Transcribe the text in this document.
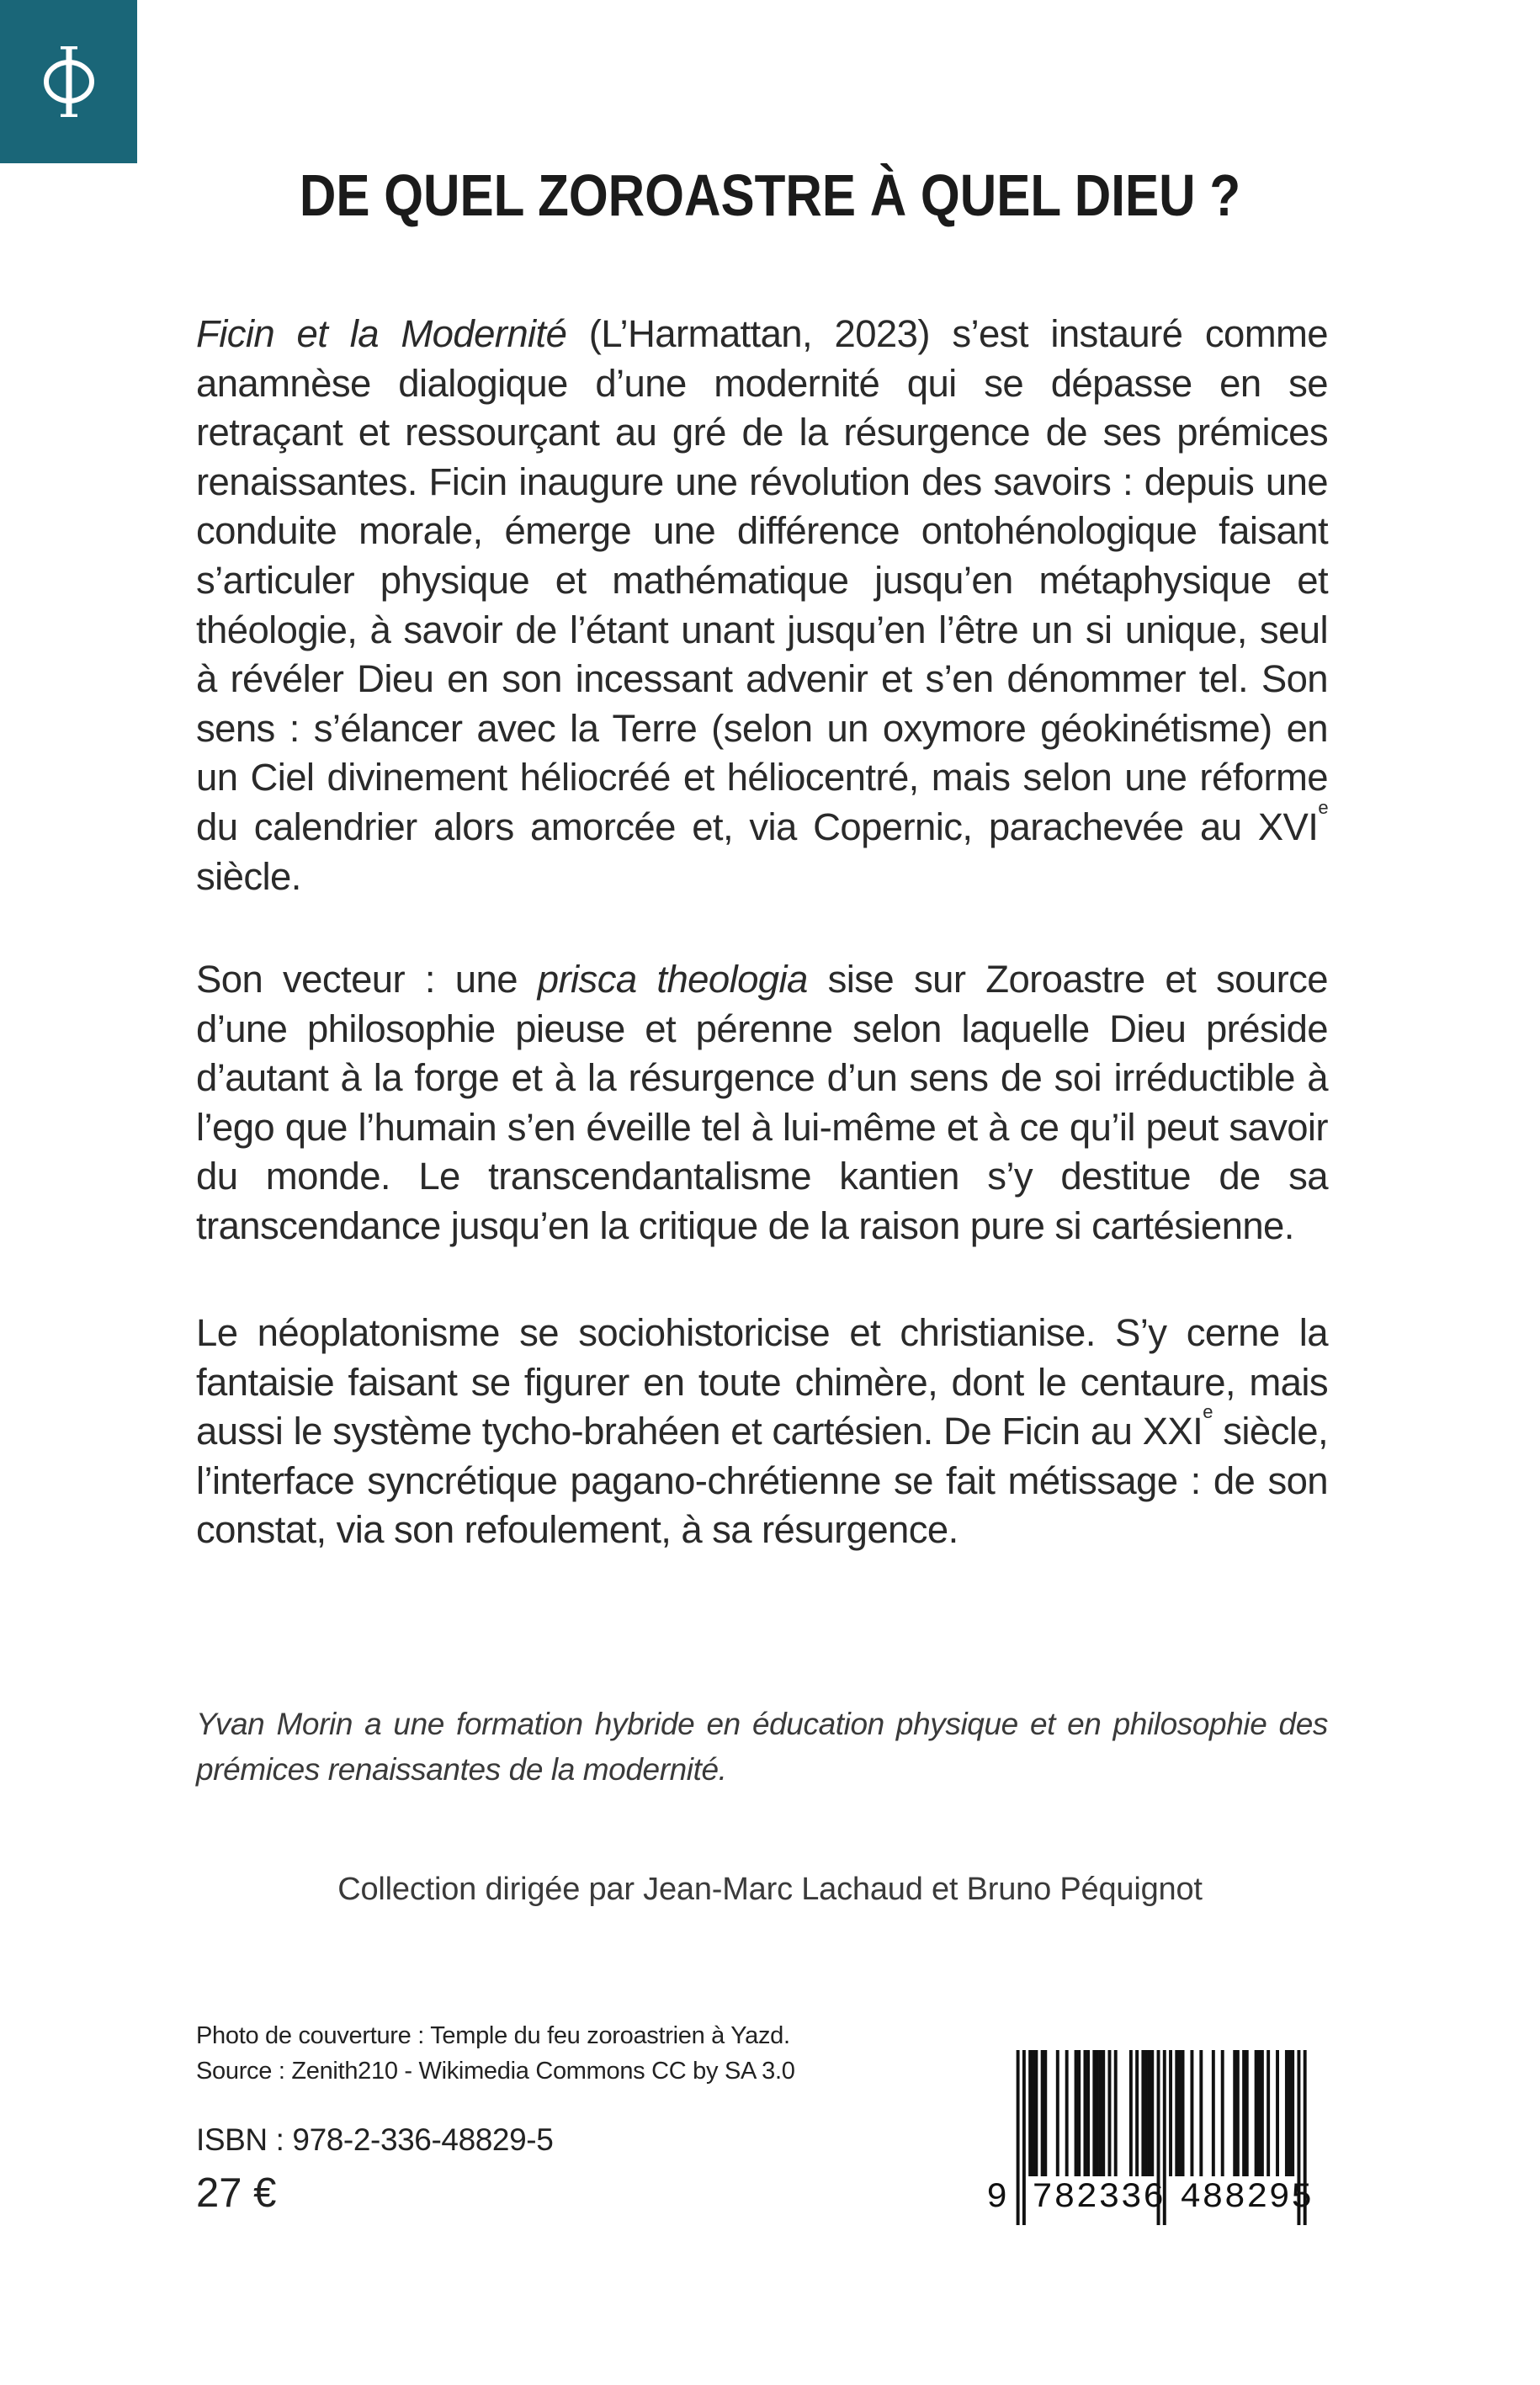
DE QUEL ZOROASTRE À QUEL DIEU ?

Ficin et la Modernité (L’Harmattan, 2023) s’est instauré comme anamnèse dialogique d’une modernité qui se dépasse en se retraçant et ressourçant au gré de la résurgence de ses prémices renaissantes. Ficin inaugure une révolution des savoirs : depuis une conduite morale, émerge une différence ontohénologique faisant s’articuler physique et mathématique jusqu’en métaphysique et théologie, à savoir de l’étant unant jusqu’en l’être un si unique, seul à révéler Dieu en son incessant advenir et s’en dénommer tel. Son sens : s’élancer avec la Terre (selon un oxymore géokinétisme) en un Ciel divinement héliocréé et héliocentré, mais selon une réforme du calendrier alors amorcée et, via Copernic, parachevée au XVIe siècle.

Son vecteur : une prisca theologia sise sur Zoroastre et source d’une philosophie pieuse et pérenne selon laquelle Dieu préside d’autant à la forge et à la résurgence d’un sens de soi irréductible à l’ego que l’humain s’en éveille tel à lui-même et à ce qu’il peut savoir du monde. Le transcendantalisme kantien s’y destitue de sa transcendance jusqu’en la critique de la raison pure si cartésienne.

Le néoplatonisme se sociohistoricise et christianise. S’y cerne la fantaisie faisant se figurer en toute chimère, dont le centaure, mais aussi le système tycho-brahéen et cartésien. De Ficin au XXIe siècle, l’interface syncrétique pagano-chrétienne se fait métissage : de son constat, via son refoulement, à sa résurgence.

Yvan Morin a une formation hybride en éducation physique et en philosophie des prémices renaissantes de la modernité.

Collection dirigée par Jean-Marc Lachaud et Bruno Péquignot

Photo de couverture : Temple du feu zoroastrien à Yazd.
Source : Zenith210 - Wikimedia Commons CC by SA 3.0

ISBN : 978-2-336-48829-5

27 €	9 782336 488295
